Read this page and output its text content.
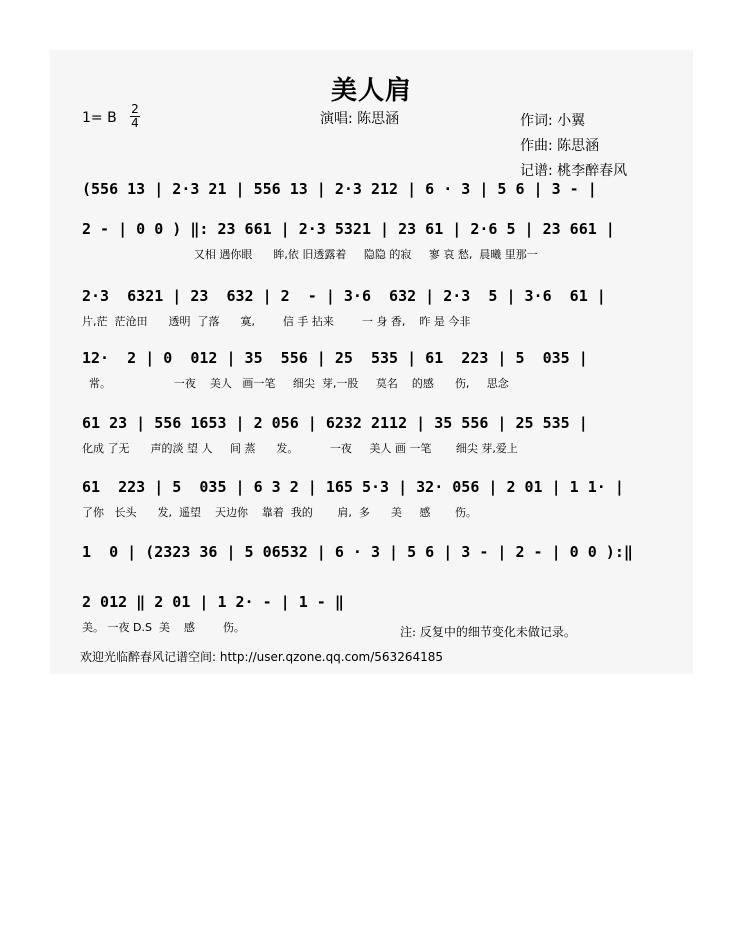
美人肩
1= B
2
4	演唱: 陈思涵	作词: 小翼
作曲: 陈思涵
记谱: 桃李醉春风
(556 13 | 2·3 21 | 556 13 | 2·3 212 | 6 · 3 | 5 6 | 3 - |
2 - | 0 0 ) ‖: 23 661 | 2·3 5321 | 23 61 | 2·6 5 | 23 661 |
又相 遇你眼      眸,依 旧透露着     隐隐 的寂     寥 哀 愁,  晨曦 里那一
2·3  6321 | 23  632 | 2  - | 3·6  632 | 2·3  5 | 3·6  61 |
片,茫  茫沧田      透明  了落      寞,        信 手 拈来        一 身 香,    昨 是 今非
12·  2 | 0  012 | 35  556 | 25  535 | 61  223 | 5  035 |
常。                  一夜    美人   画一笔     细尖  芽,一股     莫名    的感      伤,     思念
61 23 | 556 1653 | 2 056 | 6232 2112 | 35 556 | 25 535 |
化成 了无      声的淡 望 人     间 蒸      发。         一夜     美人 画 一笔       细尖 芽,爱上
61  223 | 5  035 | 6 3 2 | 165 5·3 | 32· 056 | 2 01 | 1 1· |
了你   长头      发,  遥望    天边你    靠着  我的       肩,  多      美     感       伤。
1  0 | (2323 36 | 5 06532 | 6 · 3 | 5 6 | 3 - | 2 - | 0 0 ):‖
2 012 ‖ 2 01 | 1 2· - | 1 - ‖
美。 一夜 D.S  美    感        伤。	注: 反复中的细节变化未做记录。
欢迎光临醉春风记谱空间: http://user.qzone.qq.com/563264185
